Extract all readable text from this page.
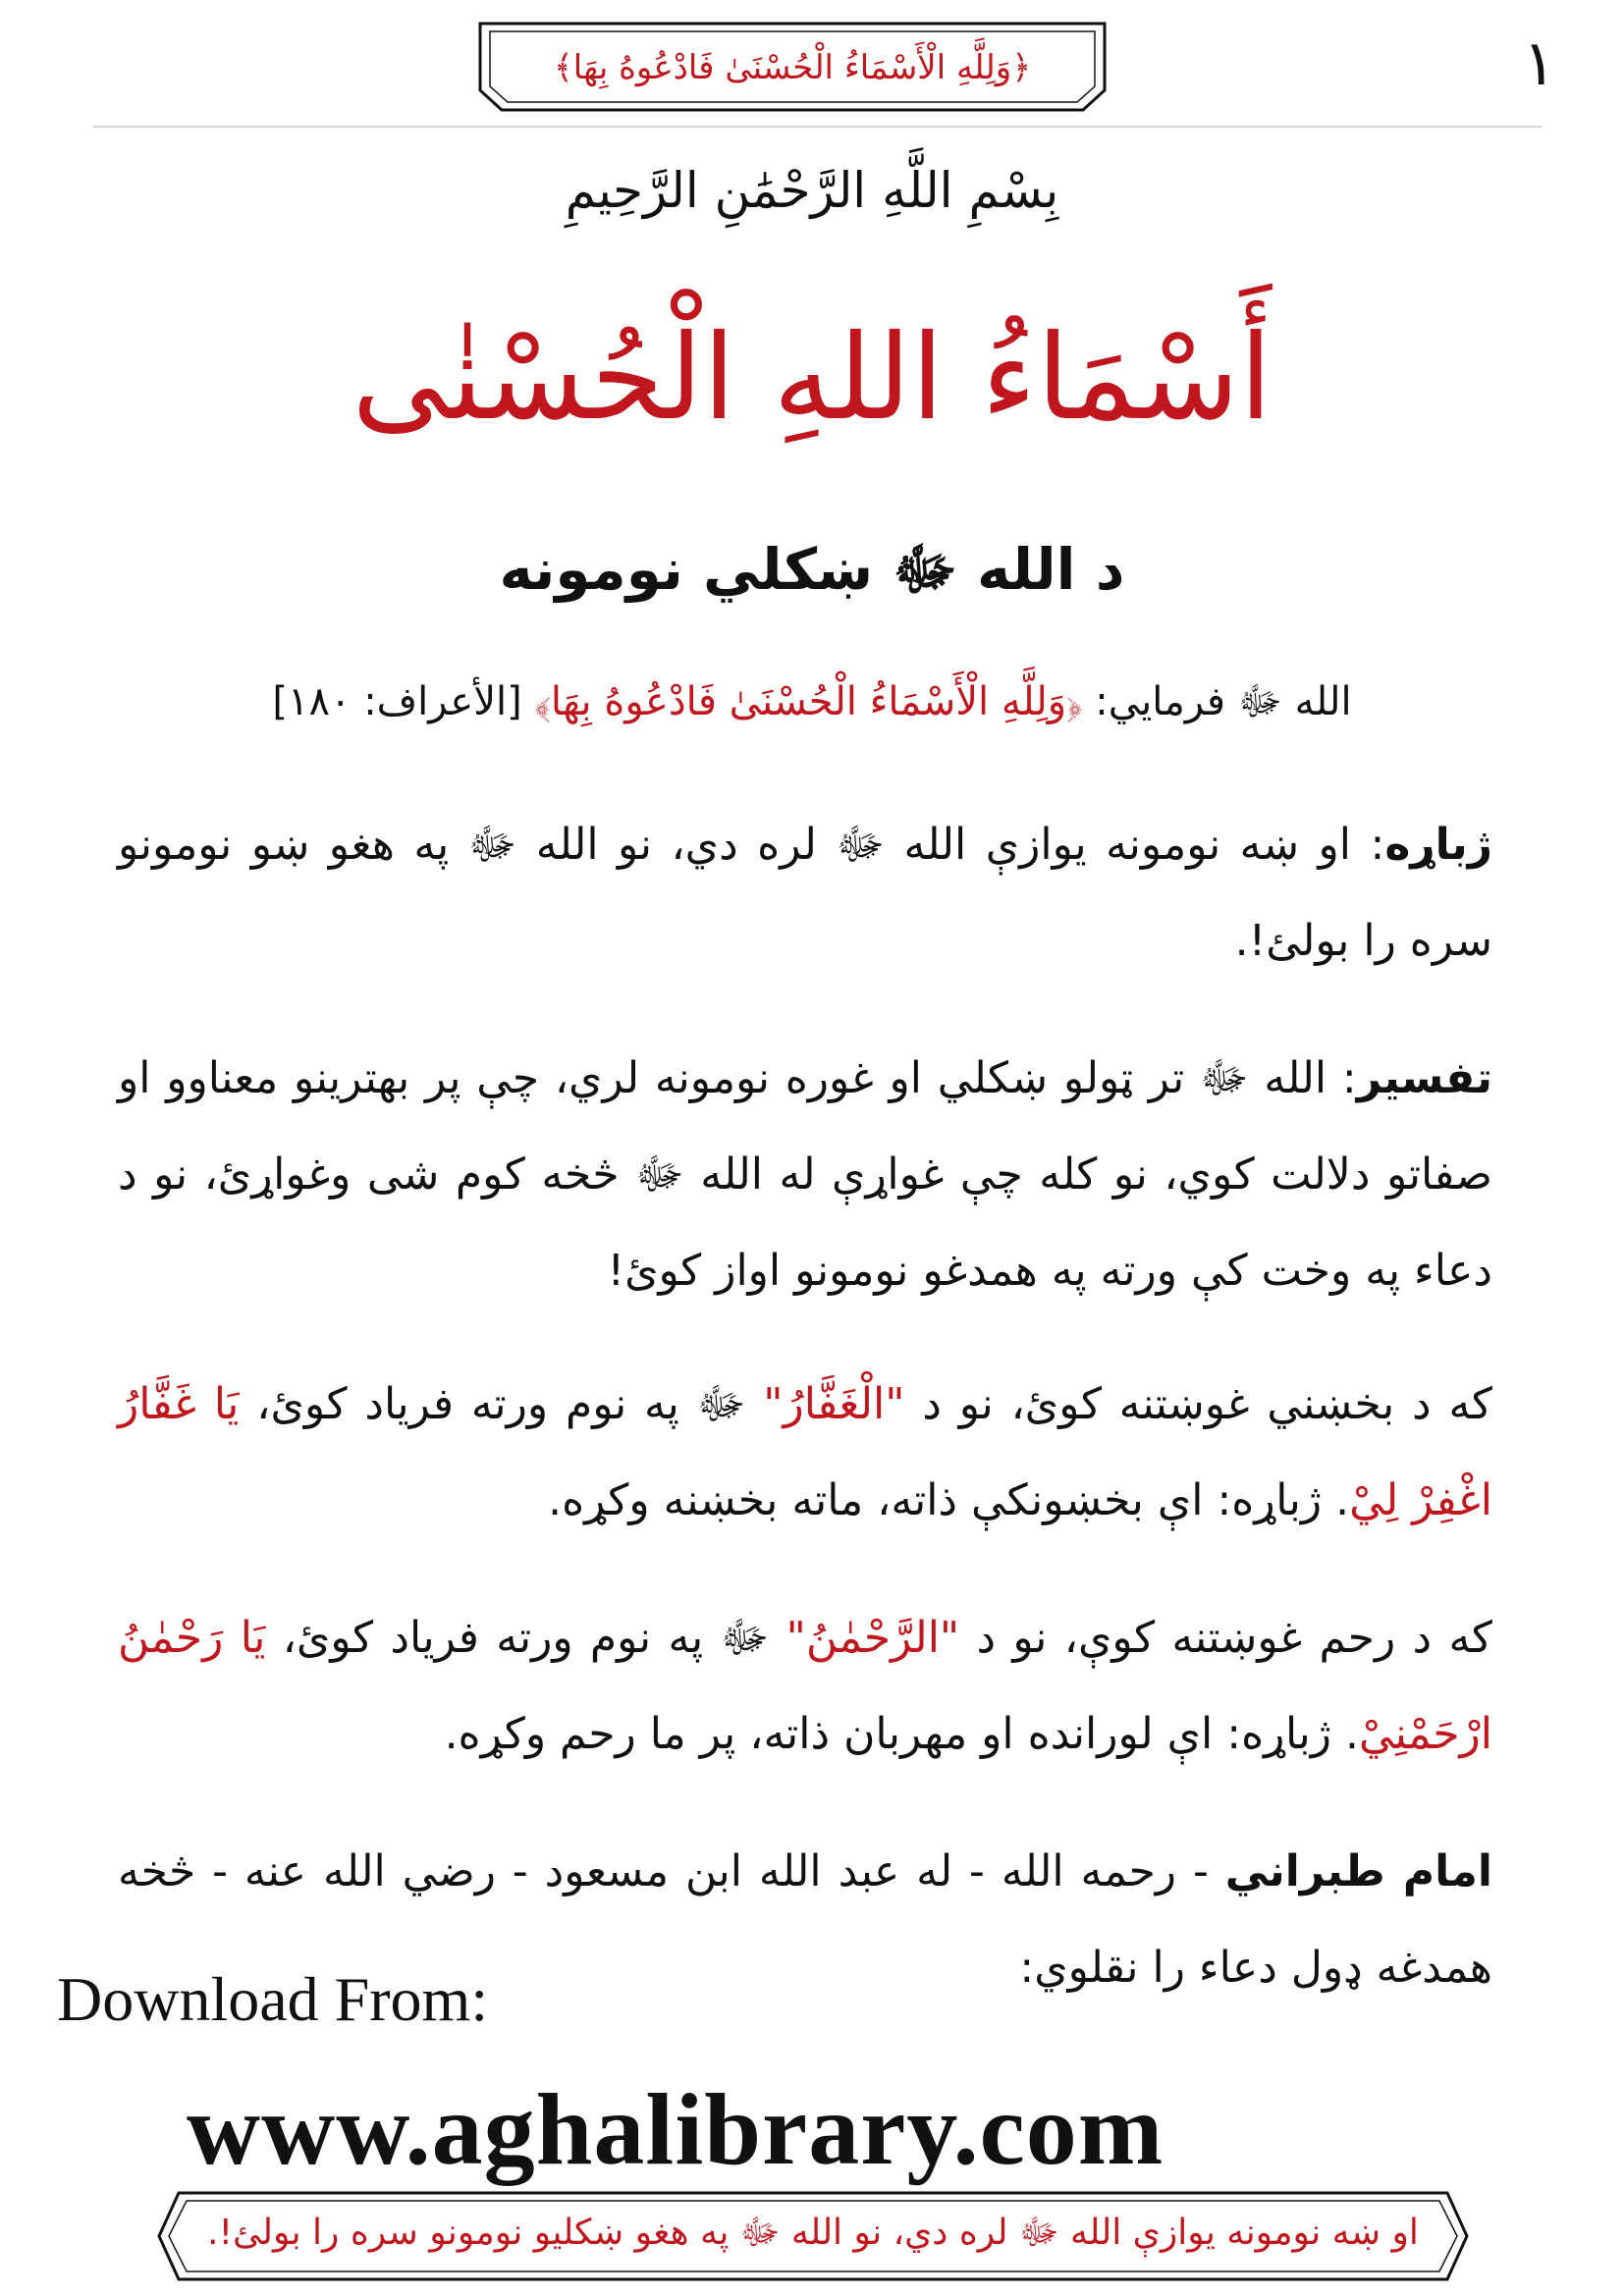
﴿وَلِلَّهِ الْأَسْمَاءُ الْحُسْنَىٰ فَادْعُوهُ بِهَا﴾	١
بِسْمِ اللَّهِ الرَّحْمَٰنِ الرَّحِيمِ
أَسْمَاءُ اللهِ الْحُسْنٰى
د الله ﷻ ښکلي نومونه
الله ﷻ فرمايي: ﴿وَلِلَّهِ الْأَسْمَاءُ الْحُسْنَىٰ فَادْعُوهُ بِهَا﴾ [الأعراف: ١٨٠]
ژباړه: او ښه نومونه يوازې الله ﷻ لره دي، نو الله ﷻ په هغو ښو نومونو سره را بولئ!.
تفسير: الله ﷻ تر ټولو ښکلي او غوره نومونه لري، چې پر بهترينو معناوو او صفاتو دلالت کوي، نو کله چې غواړې له الله ﷻ څخه کوم شی وغواړئ، نو د دعاء په وخت کې ورته په همدغو نومونو اواز کوئ!
که د بخښني غوښتنه کوئ، نو د "الْغَفَّارُ" ﷻ په نوم ورته فرياد کوئ، يَا غَفَّارُ اغْفِرْ لِيْ. ژباړه: اې بخښونکې ذاته، ماته بخښنه وکړه.
که د رحم غوښتنه کوې، نو د "الرَّحْمٰنُ" ﷻ په نوم ورته فرياد کوئ، يَا رَحْمٰنُ ارْحَمْنِيْ. ژباړه: اې لورانده او مهربان ذاته، پر ما رحم وکړه.
امام طبراني - رحمه الله - له عبد الله ابن مسعود - رضي الله عنه - څخه همدغه ډول دعاء را نقلوي:
Download From:
www.aghalibrary.com
او ښه نومونه يوازې الله ﷻ لره دي، نو الله ﷻ په هغو ښکليو نومونو سره را بولئ!.
